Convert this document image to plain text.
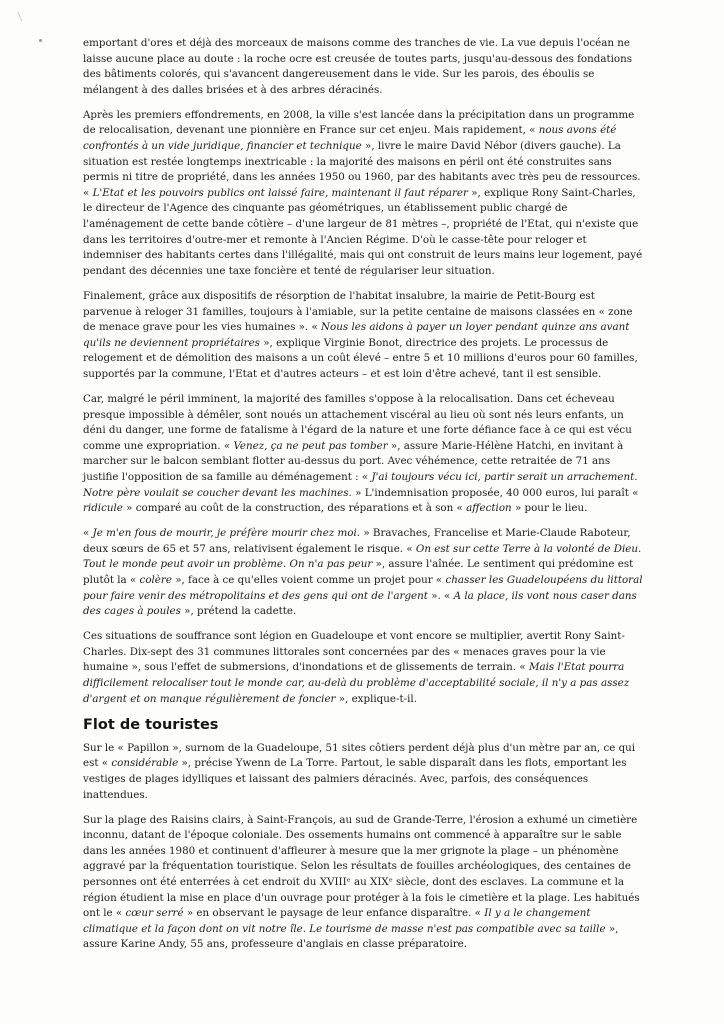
emportant d'ores et déjà des morceaux de maisons comme des tranches de vie. La vue depuis l'océan ne laisse aucune place au doute : la roche ocre est creusée de toutes parts, jusqu'au-dessous des fondations des bâtiments colorés, qui s'avancent dangereusement dans le vide. Sur les parois, des éboulis se mélangent à des dalles brisées et à des arbres déracinés.

Après les premiers effondrements, en 2008, la ville s'est lancée dans la précipitation dans un programme de relocalisation, devenant une pionnière en France sur cet enjeu. Mais rapidement, « nous avons été confrontés à un vide juridique, financier et technique », livre le maire David Nébor (divers gauche). La situation est restée longtemps inextricable : la majorité des maisons en péril ont été construites sans permis ni titre de propriété, dans les années 1950 ou 1960, par des habitants avec très peu de ressources. « L'Etat et les pouvoirs publics ont laissé faire, maintenant il faut réparer », explique Rony Saint-Charles, le directeur de l'Agence des cinquante pas géométriques, un établissement public chargé de l'aménagement de cette bande côtière – d'une largeur de 81 mètres –, propriété de l'Etat, qui n'existe que dans les territoires d'outre-mer et remonte à l'Ancien Régime. D'où le casse-tête pour reloger et indemniser des habitants certes dans l'illégalité, mais qui ont construit de leurs mains leur logement, payé pendant des décennies une taxe foncière et tenté de régulariser leur situation.

Finalement, grâce aux dispositifs de résorption de l'habitat insalubre, la mairie de Petit-Bourg est parvenue à reloger 31 familles, toujours à l'amiable, sur la petite centaine de maisons classées en « zone de menace grave pour les vies humaines ». « Nous les aidons à payer un loyer pendant quinze ans avant qu'ils ne deviennent propriétaires », explique Virginie Bonot, directrice des projets. Le processus de relogement et de démolition des maisons a un coût élevé – entre 5 et 10 millions d'euros pour 60 familles, supportés par la commune, l'Etat et d'autres acteurs – et est loin d'être achevé, tant il est sensible.

Car, malgré le péril imminent, la majorité des familles s'oppose à la relocalisation. Dans cet écheveau presque impossible à démêler, sont noués un attachement viscéral au lieu où sont nés leurs enfants, un déni du danger, une forme de fatalisme à l'égard de la nature et une forte défiance face à ce qui est vécu comme une expropriation. « Venez, ça ne peut pas tomber », assure Marie-Hélène Hatchi, en invitant à marcher sur le balcon semblant flotter au-dessus du port. Avec véhémence, cette retraitée de 71 ans justifie l'opposition de sa famille au déménagement : « J'ai toujours vécu ici, partir serait un arrachement. Notre père voulait se coucher devant les machines. » L'indemnisation proposée, 40 000 euros, lui paraît « ridicule » comparé au coût de la construction, des réparations et à son « affection » pour le lieu.

« Je m'en fous de mourir, je préfère mourir chez moi. » Bravaches, Francelise et Marie-Claude Raboteur, deux sœurs de 65 et 57 ans, relativisent également le risque. « On est sur cette Terre à la volonté de Dieu. Tout le monde peut avoir un problème. On n'a pas peur », assure l'aînée. Le sentiment qui prédomine est plutôt la « colère », face à ce qu'elles voient comme un projet pour « chasser les Guadeloupéens du littoral pour faire venir des métropolitains et des gens qui ont de l'argent ». « A la place, ils vont nous caser dans des cages à poules », prétend la cadette.

Ces situations de souffrance sont légion en Guadeloupe et vont encore se multiplier, avertit Rony Saint-Charles. Dix-sept des 31 communes littorales sont concernées par des « menaces graves pour la vie humaine », sous l'effet de submersions, d'inondations et de glissements de terrain. « Mais l'Etat pourra difficilement relocaliser tout le monde car, au-delà du problème d'acceptabilité sociale, il n'y a pas assez d'argent et on manque régulièrement de foncier », explique-t-il.

Flot de touristes

Sur le « Papillon », surnom de la Guadeloupe, 51 sites côtiers perdent déjà plus d'un mètre par an, ce qui est « considérable », précise Ywenn de La Torre. Partout, le sable disparaît dans les flots, emportant les vestiges de plages idylliques et laissant des palmiers déracinés. Avec, parfois, des conséquences inattendues.

Sur la plage des Raisins clairs, à Saint-François, au sud de Grande-Terre, l'érosion a exhumé un cimetière inconnu, datant de l'époque coloniale. Des ossements humains ont commencé à apparaître sur le sable dans les années 1980 et continuent d'affleurer à mesure que la mer grignote la plage – un phénomène aggravé par la fréquentation touristique. Selon les résultats de fouilles archéologiques, des centaines de personnes ont été enterrées à cet endroit du XVIIIᵉ au XIXᵉ siècle, dont des esclaves. La commune et la région étudient la mise en place d'un ouvrage pour protéger à la fois le cimetière et la plage. Les habitués ont le « cœur serré » en observant le paysage de leur enfance disparaître. « Il y a le changement climatique et la façon dont on vit notre île. Le tourisme de masse n'est pas compatible avec sa taille », assure Karine Andy, 55 ans, professeure d'anglais en classe préparatoire.
